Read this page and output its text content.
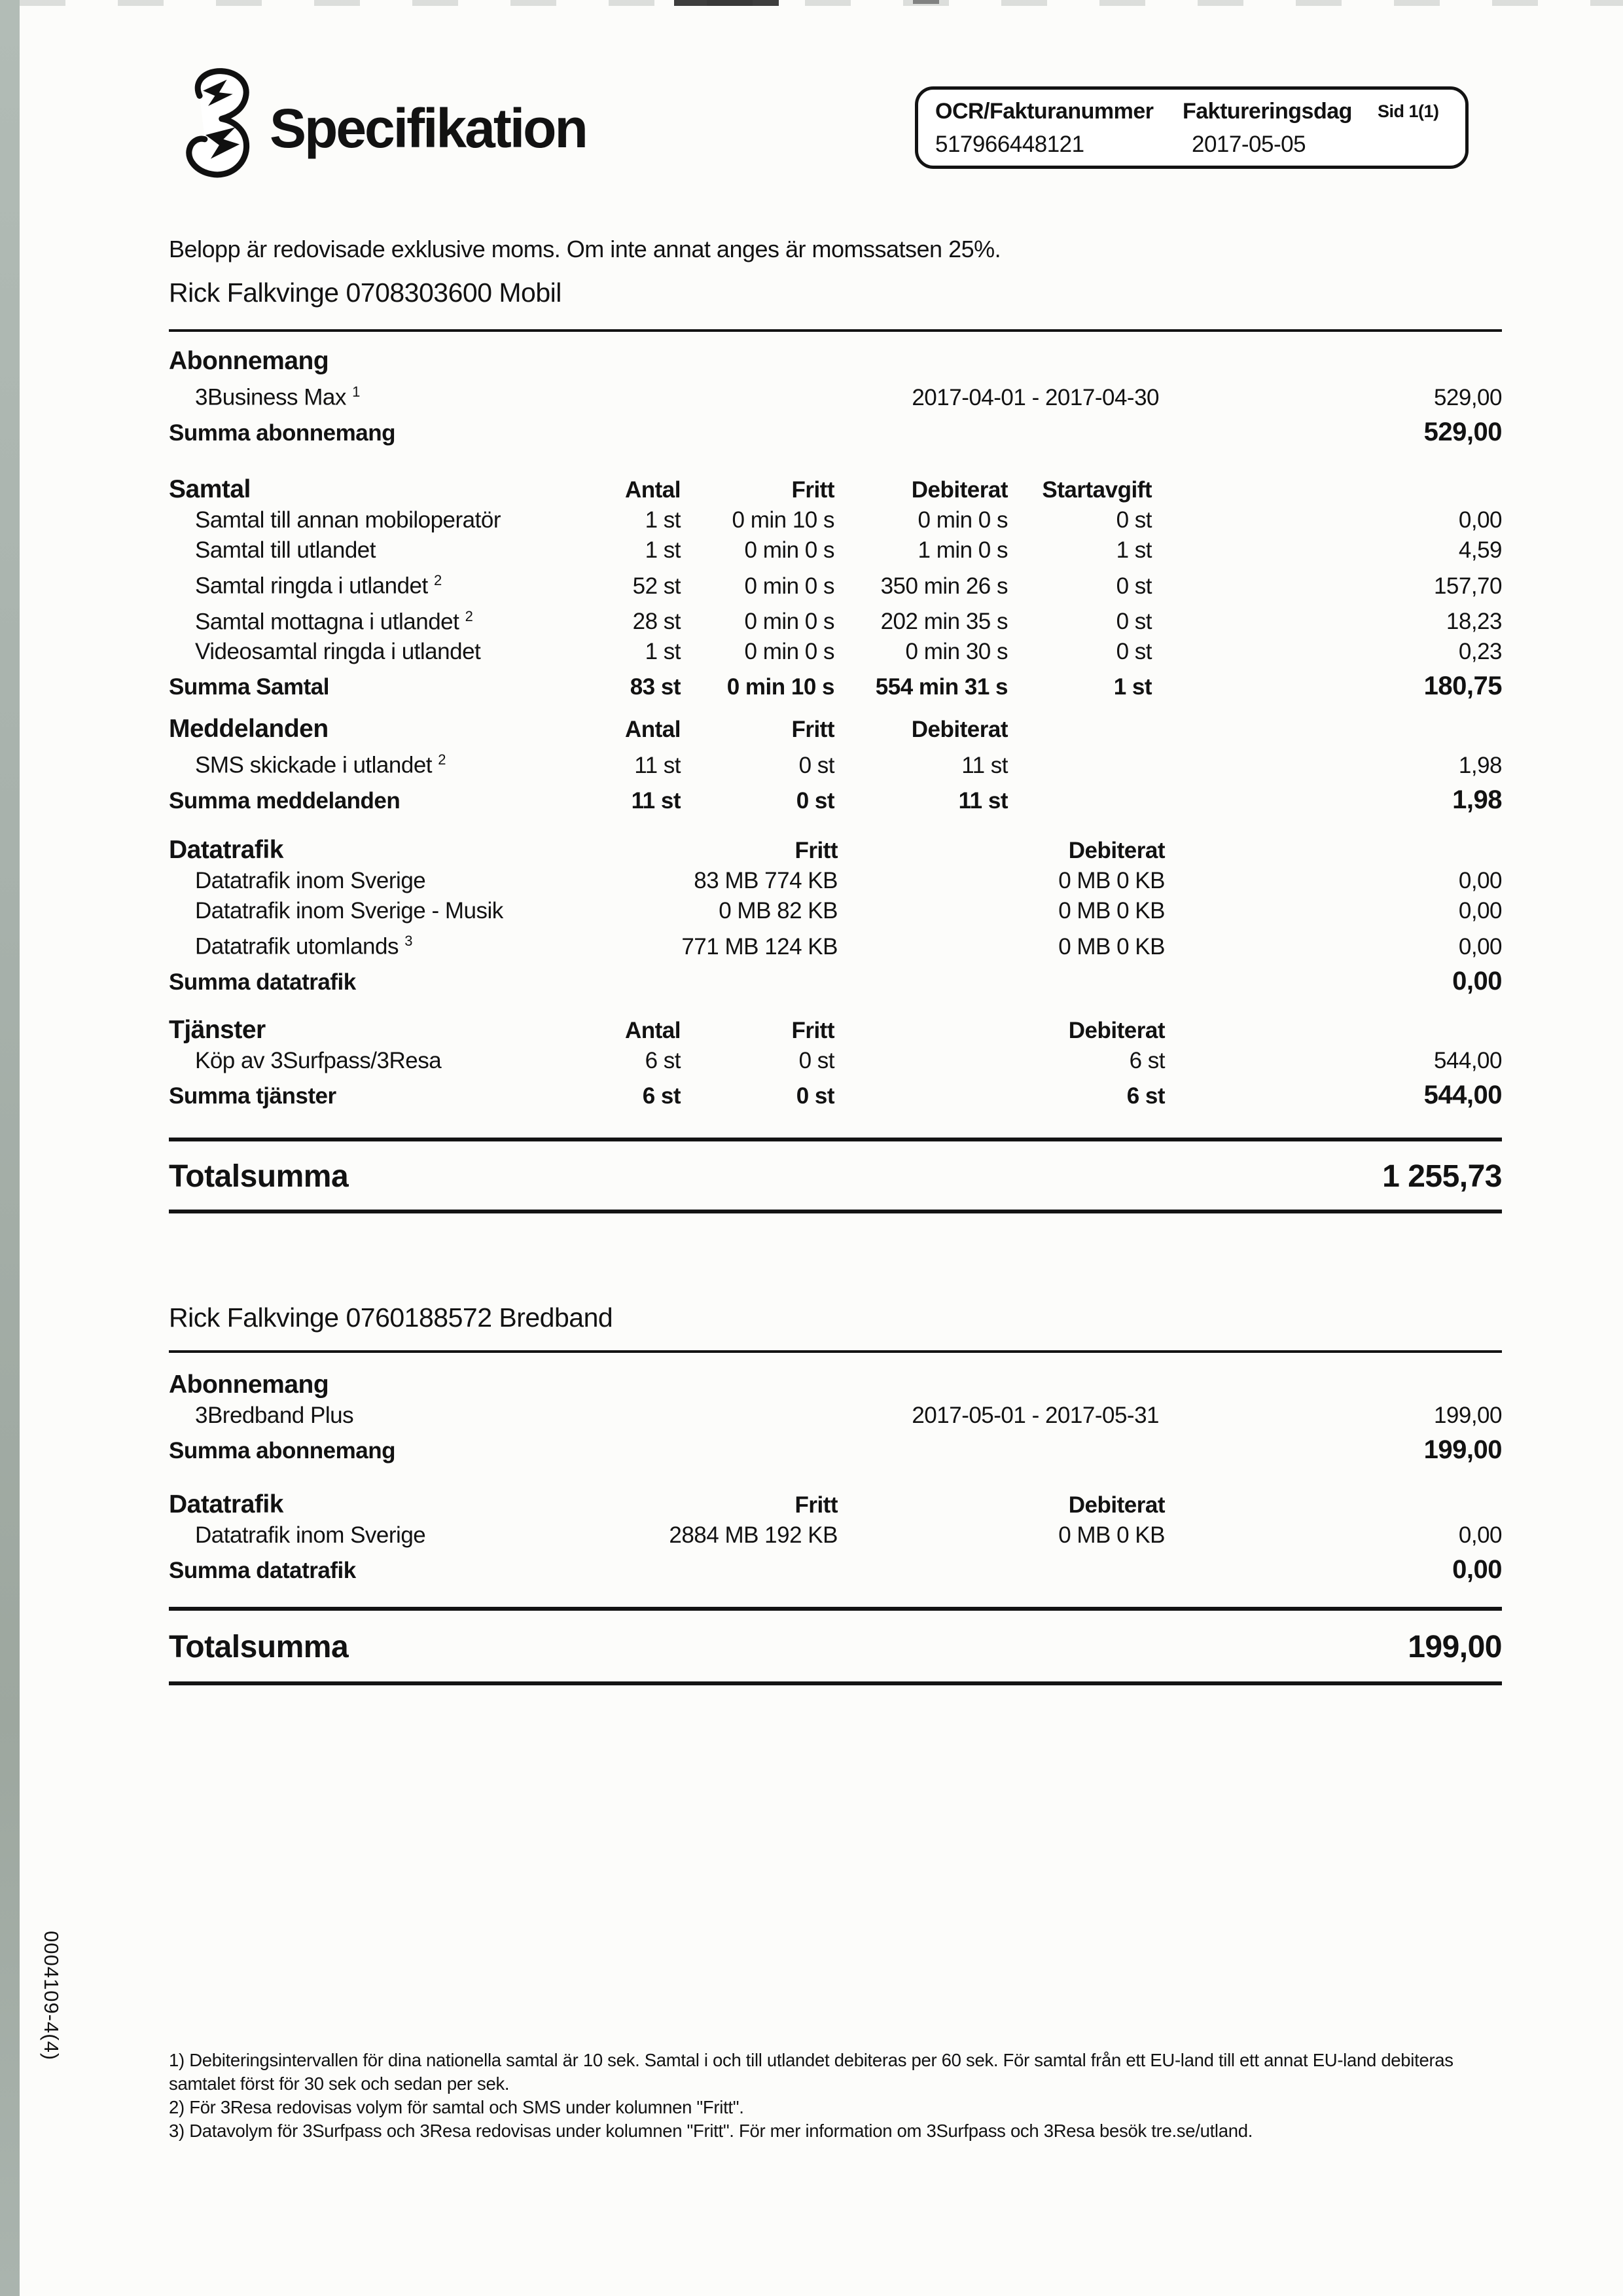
Specifikation	OCR/Fakturanummer Faktureringsdag Sid 1(1)
517966448121	2017-05-05
Belopp är redovisade exklusive moms. Om inte annat anges är momssatsen 25%.
Rick Falkvinge 0708303600 Mobil
Abonnemang
3Business Max $^1$	2017-04-01 - 2017-04-30	529,00
Summa abonnemang	529,00
Samtal	Antal	Fritt	Debiterat	Startavgift
Samtal till annan mobiloperatör	1 st	0 min 10 s	0 min 0 s	0 st	0,00
Samtal till utlandet	1 st	0 min 0 s	1 min 0 s	1 st	4,59
Samtal ringda i utlandet $^2$	52 st	0 min 0 s	350 min 26 s	0 st	157,70
Samtal mottagna i utlandet $^2$	28 st	0 min 0 s	202 min 35 s	0 st	18,23
Videosamtal ringda i utlandet	1 st	0 min 0 s	0 min 30 s	0 st	0,23
Summa Samtal	83 st	0 min 10 s	554 min 31 s	1 st	180,75
Meddelanden	Antal	Fritt	Debiterat
SMS skickade i utlandet $^2$	11 st	0 st	11 st	1,98
Summa meddelanden	11 st	0 st	11 st	1,98
Datatrafik	Fritt	Debiterat
Datatrafik inom Sverige	83 MB 774 KB	0 MB 0 KB	0,00
Datatrafik inom Sverige - Musik	0 MB 82 KB	0 MB 0 KB	0,00
Datatrafik utomlands $^3$	771 MB 124 KB	0 MB 0 KB	0,00
Summa datatrafik	0,00
Tjänster	Antal	Fritt	Debiterat
Köp av 3Surfpass/3Resa	6 st	0 st	6 st	544,00
Summa tjänster	6 st	0 st	6 st	544,00
Totalsumma	1 255,73
Rick Falkvinge 0760188572 Bredband
Abonnemang
3Bredband Plus	2017-05-01 - 2017-05-31	199,00
Summa abonnemang	199,00
Datatrafik	Fritt	Debiterat
Datatrafik inom Sverige	2884 MB 192 KB	0 MB 0 KB	0,00
Summa datatrafik	0,00
Totalsumma	199,00

1) Debiteringsintervallen för dina nationella samtal är 10 sek. Samtal i och till utlandet debiteras per 60 sek. För samtal från ett EU-land till ett annat EU-land debiteras samtalet först för 30 sek och sedan per sek.

2) För 3Resa redovisas volym för samtal och SMS under kolumnen "Fritt".

3) Datavolym för 3Surfpass och 3Resa redovisas under kolumnen "Fritt". För mer information om 3Surfpass och 3Resa besök tre.se/utland.

0004109-4(4)
